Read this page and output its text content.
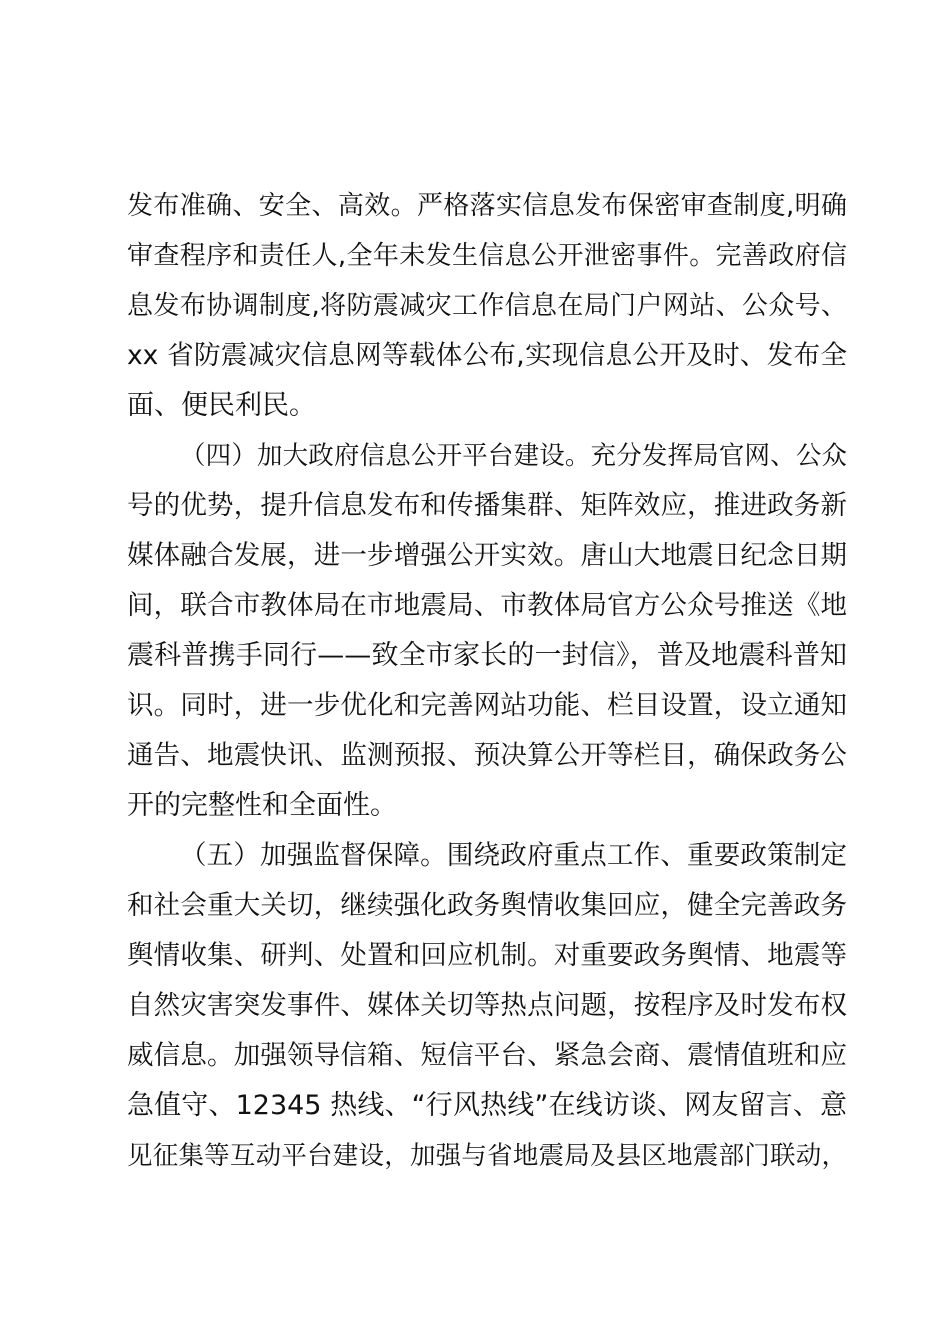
发布准确、安全、高效。严格落实信息发布保密审查制度,明确
审查程序和责任人,全年未发生信息公开泄密事件。完善政府信
息发布协调制度,将防震减灾工作信息在局门户网站、公众号、
xx 省防震减灾信息网等载体公布,实现信息公开及时、发布全
面、便民利民。
（四）加大政府信息公开平台建设。充分发挥局官网、公众
号的优势，提升信息发布和传播集群、矩阵效应，推进政务新
媒体融合发展，进一步增强公开实效。唐山大地震日纪念日期
间，联合市教体局在市地震局、市教体局官方公众号推送《地
震科普携手同行——致全市家长的一封信》，普及地震科普知
识。同时，进一步优化和完善网站功能、栏目设置，设立通知
通告、地震快讯、监测预报、预决算公开等栏目，确保政务公
开的完整性和全面性。
（五）加强监督保障。围绕政府重点工作、重要政策制定
和社会重大关切，继续强化政务舆情收集回应，健全完善政务
舆情收集、研判、处置和回应机制。对重要政务舆情、地震等
自然灾害突发事件、媒体关切等热点问题，按程序及时发布权
威信息。加强领导信箱、短信平台、紧急会商、震情值班和应
急值守、12345 热线、“行风热线”在线访谈、网友留言、意
见征集等互动平台建设，加强与省地震局及县区地震部门联动，
